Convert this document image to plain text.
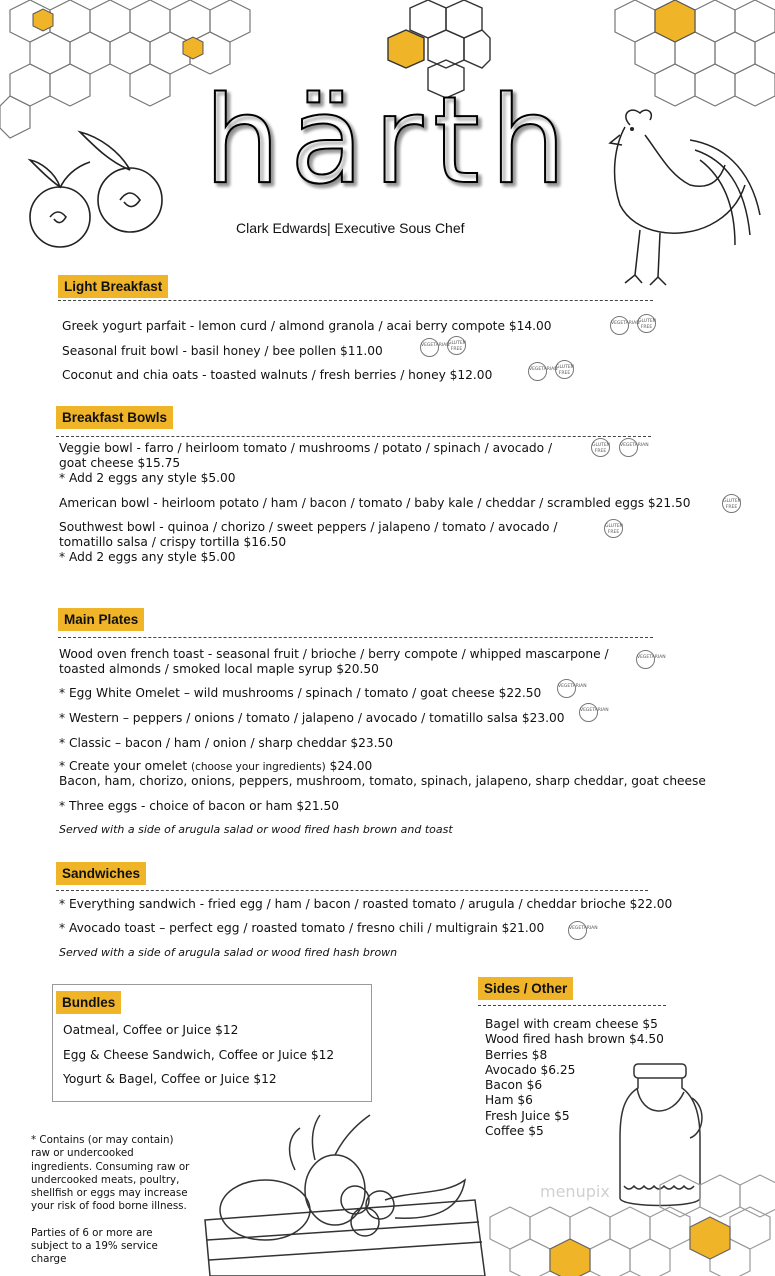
härth
Clark Edwards| Executive Sous Chef
Light Breakfast
Greek yogurt parfait - lemon curd / almond granola / acai berry compote $14.00	VEGETARIAN
GLUTEN FREE
Seasonal fruit bowl - basil honey / bee pollen $11.00	VEGETARIAN
GLUTEN FREE
Coconut and chia oats - toasted walnuts / fresh berries / honey $12.00	VEGETARIAN
GLUTEN FREE
Breakfast Bowls
Veggie bowl - farro / heirloom tomato / mushrooms / potato / spinach / avocado /	GLUTEN FREE
VEGETARIAN
goat cheese $15.75
* Add 2 eggs any style $5.00
American bowl - heirloom potato / ham / bacon / tomato / baby kale / cheddar / scrambled eggs $21.50	GLUTEN FREE
Southwest bowl - quinoa / chorizo / sweet peppers / jalapeno / tomato / avocado /	GLUTEN FREE
tomatillo salsa / crispy tortilla $16.50
* Add 2 eggs any style $5.00
Main Plates
Wood oven french toast - seasonal fruit / brioche / berry compote / whipped mascarpone /	VEGETARIAN
toasted almonds / smoked local maple syrup $20.50
* Egg White Omelet – wild mushrooms / spinach / tomato / goat cheese $22.50	VEGETARIAN
* Western – peppers / onions / tomato / jalapeno / avocado / tomatillo salsa $23.00
VEGETARIAN
* Classic – bacon / ham / onion / sharp cheddar $23.50
* Create your omelet (choose your ingredients) $24.00
Bacon, ham, chorizo, onions, peppers, mushroom, tomato, spinach, jalapeno, sharp cheddar, goat cheese
* Three eggs - choice of bacon or ham $21.50
Served with a side of arugula salad or wood fired hash brown and toast
Sandwiches
* Everything sandwich - fried egg / ham / bacon / roasted tomato / arugula / cheddar brioche $22.00
* Avocado toast – perfect egg / roasted tomato / fresno chili / multigrain $21.00	VEGETARIAN
Served with a side of arugula salad or wood fired hash brown
Bundles
Oatmeal, Coffee or Juice $12
Egg & Cheese Sandwich, Coffee or Juice $12
Yogurt & Bagel, Coffee or Juice $12
Sides / Other
Bagel with cream cheese $5
Wood fired hash brown $4.50
Berries $8
Avocado $6.25
Bacon $6
Ham $6
Fresh Juice $5
Coffee $5
* Contains (or may contain) raw or undercooked ingredients. Consuming raw or undercooked meats, poultry, shellfish or eggs may increase your risk of food borne illness.
Parties of 6 or more are subject to a 19% service charge
menupix
